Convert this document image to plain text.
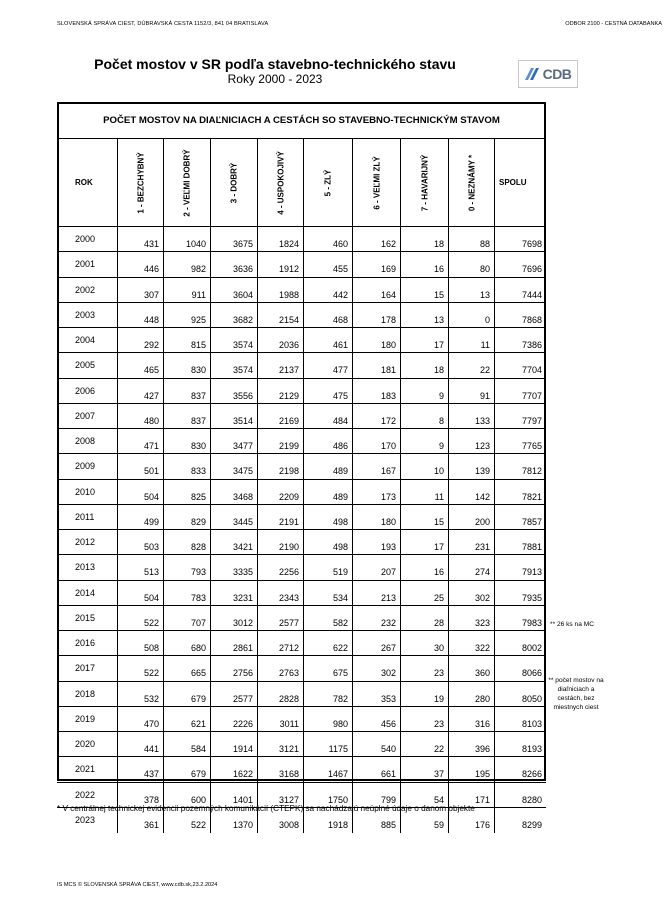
SLOVENSKÁ SPRÁVA CIEST, DÚBRAVSKÁ CESTA 1152/3, 841 04 BRATISLAVA	ODBOR 2100 - CESTNÁ DATABANKA
Počet mostov v SR podľa stavebno-technického stavu
Roky 2000 - 2023	CDB
POČET MOSTOV NA DIAĽNICIACH A CESTÁCH SO STAVEBNO-TECHNICKÝM STAVOM
ROK	1 - BEZCHYBNÝ	2 - VEĽMI DOBRÝ	3 - DOBRÝ	4 - USPOKOJIVÝ	5 - ZLÝ	6 - VEĽMI ZLÝ	7 - HAVARIJNÝ	0 - NEZNÁMY *	SPOLU
2000	431	1040	3675	1824	460	162	18	88	7698
2001	446	982	3636	1912	455	169	16	80	7696
2002	307	911	3604	1988	442	164	15	13	7444
2003	448	925	3682	2154	468	178	13	0	7868
2004	292	815	3574	2036	461	180	17	11	7386
2005	465	830	3574	2137	477	181	18	22	7704
2006	427	837	3556	2129	475	183	9	91	7707
2007	480	837	3514	2169	484	172	8	133	7797
2008	471	830	3477	2199	486	170	9	123	7765
2009	501	833	3475	2198	489	167	10	139	7812
2010	504	825	3468	2209	489	173	11	142	7821
2011	499	829	3445	2191	498	180	15	200	7857
2012	503	828	3421	2190	498	193	17	231	7881
2013	513	793	3335	2256	519	207	16	274	7913
2014	504	783	3231	2343	534	213	25	302	7935
2015	522	707	3012	2577	582	232	28	323	7983
2016	508	680	2861	2712	622	267	30	322	8002
2017	522	665	2756	2763	675	302	23	360	8066
2018	532	679	2577	2828	782	353	19	280	8050
2019	470	621	2226	3011	980	456	23	316	8103
2020	441	584	1914	3121	1175	540	22	396	8193
2021	437	679	1622	3168	1467	661	37	195	8266
2022	378	600	1401	3127	1750	799	54	171	8280
2023	361	522	1370	3008	1918	885	59	176	8299
** 26 ks na MC
** počet mostov na diaľniciach a cestách, bez miestnych ciest
* V centrálnej technickej evidencii pozemných komunikácií (CTEPK) sa nachádzajú neúplné údaje o danom objekte
IS MCS © SLOVENSKÁ SPRÁVA CIEST, www.cdb.sk,23.2.2024
